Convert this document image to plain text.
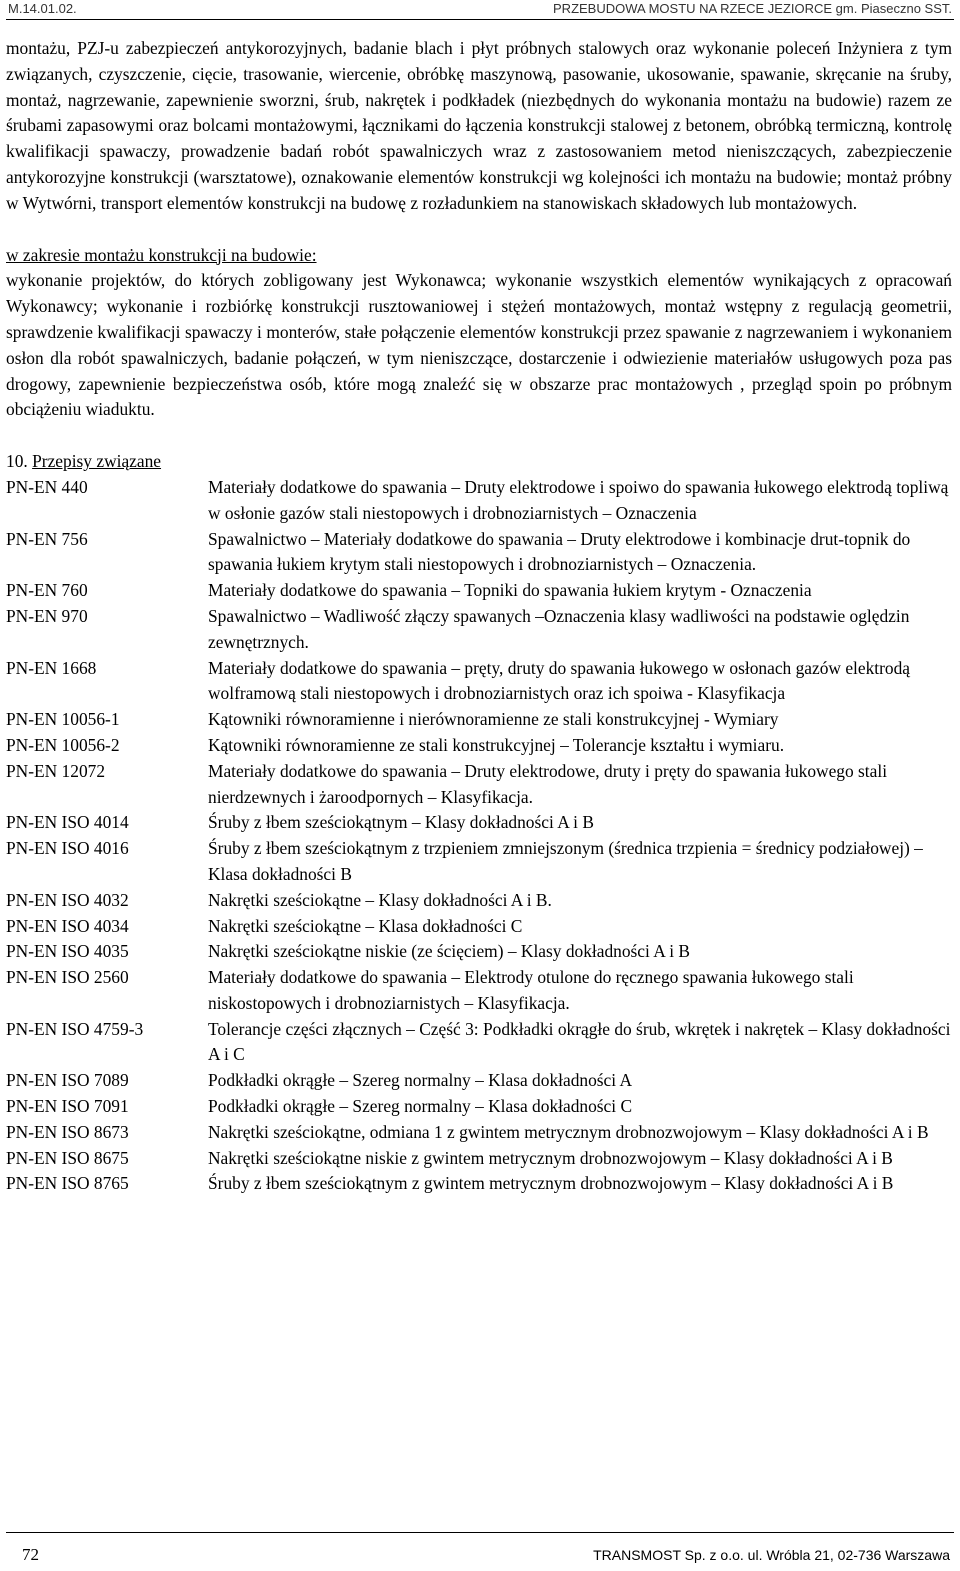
M.14.01.02.	PRZEBUDOWA MOSTU NA RZECE JEZIORCE gm. Piaseczno SST.

montażu, PZJ-u zabezpieczeń antykorozyjnych, badanie blach i płyt próbnych stalowych oraz wykonanie poleceń Inżyniera z tym związanych, czyszczenie, cięcie, trasowanie, wiercenie, obróbkę maszynową, pasowanie, ukosowanie, spawanie, skręcanie na śruby, montaż, nagrzewanie, zapewnienie sworzni, śrub, nakrętek i podkładek (niezbędnych do wykonania montażu na budowie) razem ze śrubami zapasowymi oraz bolcami montażowymi, łącznikami do łączenia konstrukcji stalowej z betonem, obróbką termiczną, kontrolę kwalifikacji spawaczy, prowadzenie badań robót spawalniczych wraz z zastosowaniem metod nieniszczących, zabezpieczenie antykorozyjne konstrukcji (warsztatowe), oznakowanie elementów konstrukcji wg kolejności ich montażu na budowie; montaż próbny w Wytwórni, transport elementów konstrukcji na budowę z rozładunkiem na stanowiskach składowych lub montażowych.

w zakresie montażu konstrukcji na budowie:

wykonanie projektów, do których zobligowany jest Wykonawca; wykonanie wszystkich elementów wynikających z opracowań Wykonawcy; wykonanie i rozbiórkę konstrukcji rusztowaniowej i stężeń montażowych, montaż wstępny z regulacją geometrii, sprawdzenie kwalifikacji spawaczy i monterów, stałe połączenie elementów konstrukcji przez spawanie z nagrzewaniem i wykonaniem osłon dla robót spawalniczych, badanie połączeń, w tym nieniszczące, dostarczenie i odwiezienie materiałów usługowych poza pas drogowy, zapewnienie bezpieczeństwa osób, które mogą znaleźć się w obszarze prac montażowych , przegląd spoin po próbnym obciążeniu wiaduktu.

10. Przepisy związane

PN-EN 440	Materiały dodatkowe do spawania – Druty elektrodowe i spoiwo do spawania łukowego elektrodą topliwą w osłonie gazów stali niestopowych i drobnoziarnistych – Oznaczenia
PN-EN 756	Spawalnictwo – Materiały dodatkowe do spawania – Druty elektrodowe i kombinacje drut-topnik do spawania łukiem krytym stali niestopowych i drobnoziarnistych – Oznaczenia.
PN-EN 760	Materiały dodatkowe do spawania – Topniki do spawania łukiem krytym - Oznaczenia
PN-EN 970	Spawalnictwo – Wadliwość złączy spawanych –Oznaczenia klasy wadliwości na podstawie oględzin zewnętrznych.
PN-EN 1668	Materiały dodatkowe do spawania – pręty, druty do spawania łukowego w osłonach gazów elektrodą wolframową stali niestopowych i drobnoziarnistych oraz ich spoiwa - Klasyfikacja
PN-EN 10056-1	Kątowniki równoramienne i nierównoramienne ze stali konstrukcyjnej - Wymiary
PN-EN 10056-2	Kątowniki równoramienne ze stali konstrukcyjnej – Tolerancje kształtu i wymiaru.
PN-EN 12072	Materiały dodatkowe do spawania – Druty elektrodowe, druty i pręty do spawania łukowego stali nierdzewnych i żaroodpornych – Klasyfikacja.
PN-EN ISO 4014	Śruby z łbem sześciokątnym – Klasy dokładności A i B
PN-EN ISO 4016	Śruby z łbem sześciokątnym z trzpieniem zmniejszonym (średnica trzpienia = średnicy podziałowej) – Klasa dokładności B
PN-EN ISO 4032	Nakrętki sześciokątne – Klasy dokładności A i B.
PN-EN ISO 4034	Nakrętki sześciokątne – Klasa dokładności C
PN-EN ISO 4035	Nakrętki sześciokątne niskie (ze ścięciem) – Klasy dokładności A i B
PN-EN ISO 2560	Materiały dodatkowe do spawania – Elektrody otulone do ręcznego spawania łukowego stali niskostopowych i drobnoziarnistych – Klasyfikacja.
PN-EN ISO 4759-3	Tolerancje części złącznych – Część 3: Podkładki okrągłe do śrub, wkrętek i nakrętek – Klasy dokładności A i C
PN-EN ISO 7089	Podkładki okrągłe – Szereg normalny – Klasa dokładności A
PN-EN ISO 7091	Podkładki okrągłe – Szereg normalny – Klasa dokładności C
PN-EN ISO 8673	Nakrętki sześciokątne, odmiana 1 z gwintem metrycznym drobnozwojowym – Klasy dokładności A i B
PN-EN ISO 8675	Nakrętki sześciokątne niskie z gwintem metrycznym drobnozwojowym – Klasy dokładności A i B
PN-EN ISO 8765	Śruby z łbem sześciokątnym z gwintem metrycznym drobnozwojowym – Klasy dokładności A i B
72	TRANSMOST Sp. z o.o. ul. Wróbla 21, 02-736 Warszawa
